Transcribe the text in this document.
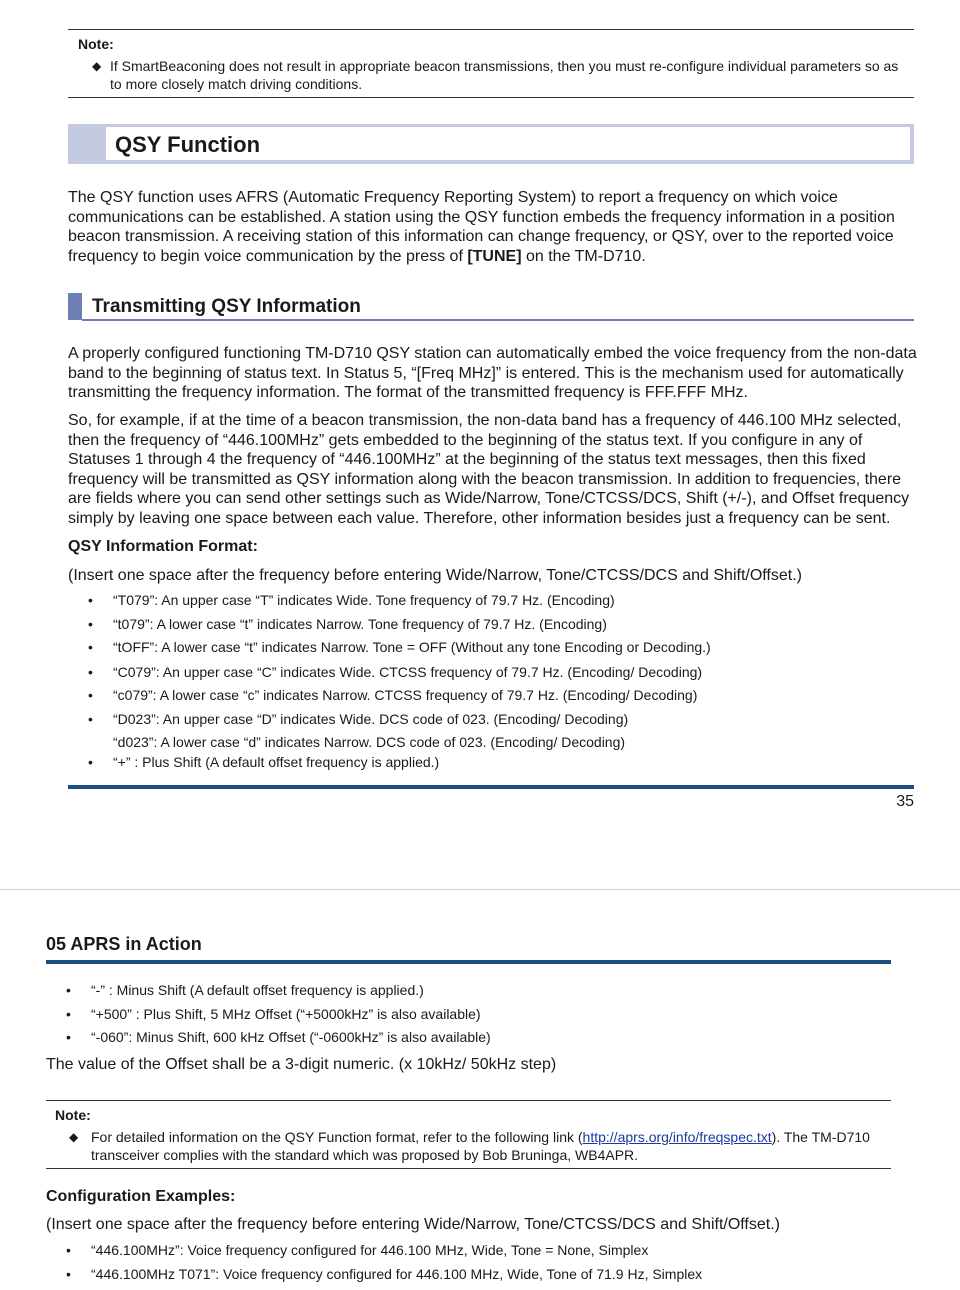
Note:
◆ If SmartBeaconing does not result in appropriate beacon transmissions, then you must re-configure individual parameters so as to more closely match driving conditions.
QSY Function
The QSY function uses AFRS (Automatic Frequency Reporting System) to report a frequency on which voice communications can be established. A station using the QSY function embeds the frequency information in a position beacon transmission. A receiving station of this information can change frequency, or QSY, over to the reported voice frequency to begin voice communication by the press of [TUNE] on the TM-D710.
Transmitting QSY Information
A properly configured functioning TM-D710 QSY station can automatically embed the voice frequency from the non-data band to the beginning of status text. In Status 5, “[Freq MHz]” is entered. This is the mechanism used for automatically transmitting the frequency information. The format of the transmitted frequency is FFF.FFF MHz.
So, for example, if at the time of a beacon transmission, the non-data band has a frequency of 446.100 MHz selected, then the frequency of “446.100MHz” gets embedded to the beginning of the status text. If you configure in any of Statuses 1 through 4 the frequency of “446.100MHz” at the beginning of the status text messages, then this fixed frequency will be transmitted as QSY information along with the beacon transmission. In addition to frequencies, there are fields where you can send other settings such as Wide/Narrow, Tone/CTCSS/DCS, Shift (+/-), and Offset frequency simply by leaving one space between each value. Therefore, other information besides just a frequency can be sent.
QSY Information Format:
(Insert one space after the frequency before entering Wide/Narrow, Tone/CTCSS/DCS and Shift/Offset.)
• “T079”: An upper case “T” indicates Wide. Tone frequency of 79.7 Hz. (Encoding)
• “t079”: A lower case “t” indicates Narrow. Tone frequency of 79.7 Hz. (Encoding)
• “tOFF”: A lower case “t” indicates Narrow. Tone = OFF (Without any tone Encoding or Decoding.)
• “C079”: An upper case “C” indicates Wide. CTCSS frequency of 79.7 Hz. (Encoding/ Decoding)
• “c079”: A lower case “c” indicates Narrow. CTCSS frequency of 79.7 Hz. (Encoding/ Decoding)
• “D023”: An upper case “D” indicates Wide. DCS code of 023. (Encoding/ Decoding)
“d023”: A lower case “d” indicates Narrow. DCS code of 023. (Encoding/ Decoding)
• “+” : Plus Shift (A default offset frequency is applied.)
35
05 APRS in Action
• “-” : Minus Shift (A default offset frequency is applied.)
• “+500” : Plus Shift, 5 MHz Offset (“+5000kHz” is also available)
• “-060”: Minus Shift, 600 kHz Offset (“-0600kHz” is also available)
The value of the Offset shall be a 3-digit numeric. (x 10kHz/ 50kHz step)
Note:
◆ For detailed information on the QSY Function format, refer to the following link (http://aprs.org/info/freqspec.txt). The TM-D710 transceiver complies with the standard which was proposed by Bob Bruninga, WB4APR.
Configuration Examples:
(Insert one space after the frequency before entering Wide/Narrow, Tone/CTCSS/DCS and Shift/Offset.)
• “446.100MHz”: Voice frequency configured for 446.100 MHz, Wide, Tone = None, Simplex
• “446.100MHz T071”: Voice frequency configured for 446.100 MHz, Wide, Tone of 71.9 Hz, Simplex
